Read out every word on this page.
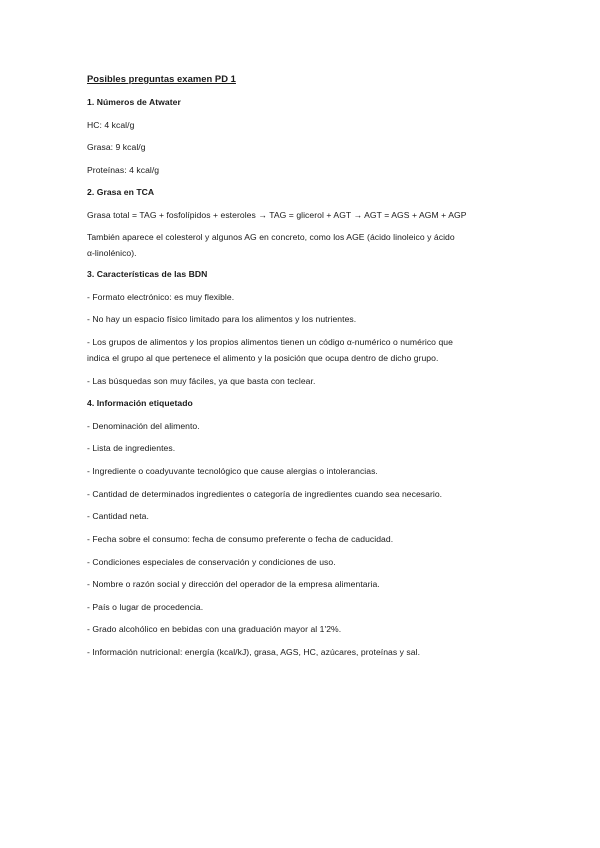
Posibles preguntas examen PD 1
1. Números de Atwater
HC: 4 kcal/g
Grasa: 9 kcal/g
Proteínas: 4 kcal/g
2. Grasa en TCA
Grasa total = TAG + fosfolípidos + esteroles → TAG = glicerol + AGT → AGT = AGS + AGM + AGP
También aparece el colesterol y algunos AG en concreto, como los AGE (ácido linoleico y ácido
α-linolénico).
3. Características de las BDN
- Formato electrónico: es muy flexible.
- No hay un espacio físico limitado para los alimentos y los nutrientes.
- Los grupos de alimentos y los propios alimentos tienen un código α-numérico o numérico que
indica el grupo al que pertenece el alimento y la posición que ocupa dentro de dicho grupo.
- Las búsquedas son muy fáciles, ya que basta con teclear.
4. Información etiquetado
- Denominación del alimento.
- Lista de ingredientes.
- Ingrediente o coadyuvante tecnológico que cause alergias o intolerancias.
- Cantidad de determinados ingredientes o categoría de ingredientes cuando sea necesario.
- Cantidad neta.
- Fecha sobre el consumo: fecha de consumo preferente o fecha de caducidad.
- Condiciones especiales de conservación y condiciones de uso.
- Nombre o razón social y dirección del operador de la empresa alimentaria.
- País o lugar de procedencia.
- Grado alcohólico en bebidas con una graduación mayor al 1'2%.
- Información nutricional: energía (kcal/kJ), grasa, AGS, HC, azúcares, proteínas y sal.
